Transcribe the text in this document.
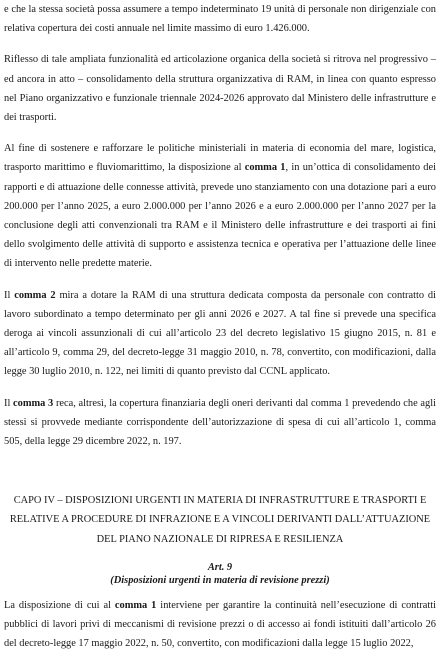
e che la stessa società possa assumere a tempo indeterminato 19 unità di personale non dirigenziale con relativa copertura dei costi annuale nel limite massimo di euro 1.426.000.

Riflesso di tale ampliata funzionalità ed articolazione organica della società si ritrova nel progressivo – ed ancora in atto – consolidamento della struttura organizzativa di RAM, in linea con quanto espresso nel Piano organizzativo e funzionale triennale 2024-2026 approvato dal Ministero delle infrastrutture e dei trasporti.

Al fine di sostenere e rafforzare le politiche ministeriali in materia di economia del mare, logistica, trasporto marittimo e fluviomarittimo, la disposizione al comma 1, in un’ottica di consolidamento dei rapporti e di attuazione delle connesse attività, prevede uno stanziamento con una dotazione pari a euro 200.000 per l’anno 2025, a euro 2.000.000 per l’anno 2026 e a euro 2.000.000 per l’anno 2027 per la conclusione degli atti convenzionali tra RAM e il Ministero delle infrastrutture e dei trasporti ai fini dello svolgimento delle attività di supporto e assistenza tecnica e operativa per l’attuazione delle linee di intervento nelle predette materie.

Il comma 2 mira a dotare la RAM di una struttura dedicata composta da personale con contratto di lavoro subordinato a tempo determinato per gli anni 2026 e 2027. A tal fine si prevede una specifica deroga ai vincoli assunzionali di cui all’articolo 23 del decreto legislativo 15 giugno 2015, n. 81 e all’articolo 9, comma 29, del decreto-legge 31 maggio 2010, n. 78, convertito, con modificazioni, dalla legge 30 luglio 2010, n. 122, nei limiti di quanto previsto dal CCNL applicato.

Il comma 3 reca, altresì, la copertura finanziaria degli oneri derivanti dal comma 1 prevedendo che agli stessi si provvede mediante corrispondente dell’autorizzazione di spesa di cui all’articolo 1, comma 505, della legge 29 dicembre 2022, n. 197.

CAPO IV – DISPOSIZIONI URGENTI IN MATERIA DI INFRASTRUTTURE E TRASPORTI E RELATIVE A PROCEDURE DI INFRAZIONE E A VINCOLI DERIVANTI DALL’ATTUAZIONE DEL PIANO NAZIONALE DI RIPRESA E RESILIENZA

Art. 9

(Disposizioni urgenti in materia di revisione prezzi)

La disposizione di cui al comma 1 interviene per garantire la continuità nell’esecuzione di contratti pubblici di lavori privi di meccanismi di revisione prezzi o di accesso ai fondi istituiti dall’articolo 26 del decreto-legge 17 maggio 2022, n. 50, convertito, con modificazioni dalla legge 15 luglio 2022,
